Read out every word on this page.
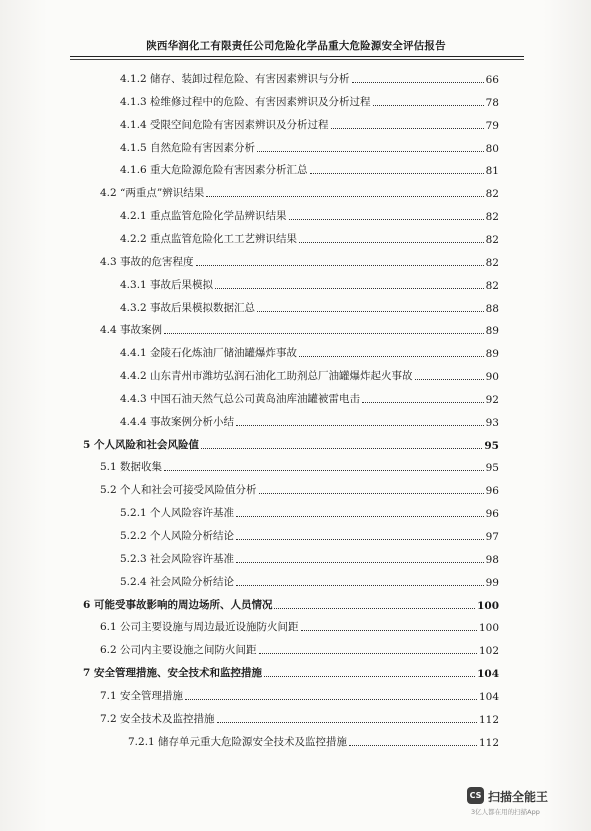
陕西华润化工有限责任公司危险化学品重大危险源安全评估报告
4.1.2 储存、装卸过程危险、有害因素辨识与分析	66
4.1.3 检维修过程中的危险、有害因素辨识及分析过程	78
4.1.4 受限空间危险有害因素辨识及分析过程	79
4.1.5 自然危险有害因素分析	80
4.1.6 重大危险源危险有害因素分析汇总	81
4.2 “两重点”辨识结果	82
4.2.1 重点监管危险化学品辨识结果	82
4.2.2 重点监管危险化工工艺辨识结果	82
4.3 事故的危害程度	82
4.3.1 事故后果模拟	82
4.3.2 事故后果模拟数据汇总	88
4.4 事故案例	89
4.4.1 金陵石化炼油厂储油罐爆炸事故	89
4.4.2 山东青州市潍坊弘润石油化工助剂总厂油罐爆炸起火事故	90
4.4.3 中国石油天然气总公司黄岛油库油罐被雷电击	92
4.4.4 事故案例分析小结	93
5 个人风险和社会风险值	95
5.1 数据收集	95
5.2 个人和社会可接受风险值分析	96
5.2.1 个人风险容许基准	96
5.2.2 个人风险分析结论	97
5.2.3 社会风险容许基准	98
5.2.4 社会风险分析结论	99
6 可能受事故影响的周边场所、人员情况	100
6.1 公司主要设施与周边最近设施防火间距	100
6.2 公司内主要设施之间防火间距	102
7 安全管理措施、安全技术和监控措施	104
7.1 安全管理措施	104
7.2 安全技术及监控措施	112
7.2.1 储存单元重大危险源安全技术及监控措施	112
CS 扫描全能王
3亿人都在用的扫描App
